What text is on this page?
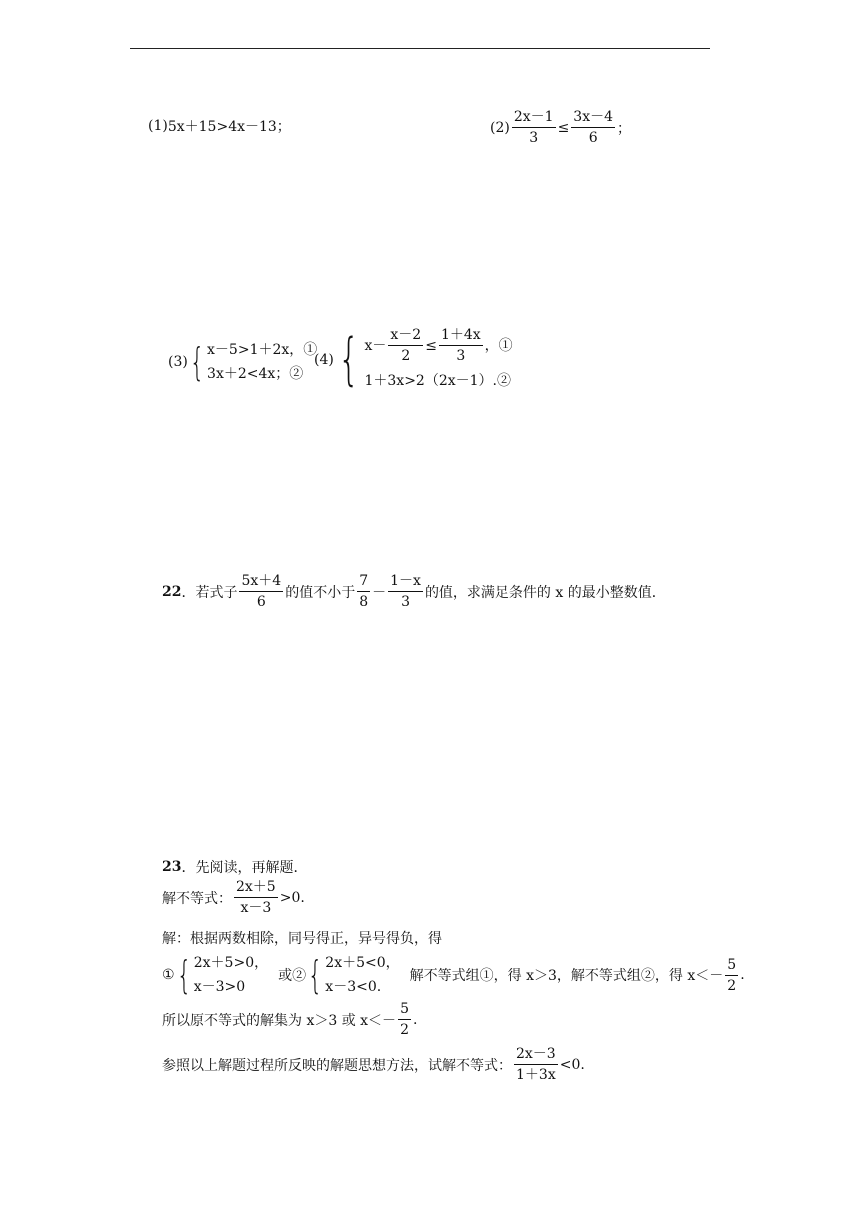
(1) 5x＋15>4x－13；	$(2) \frac{2x-1}{3} \le \frac{3x-4}{6}$ ；
(3) { x－5>1＋2x，①
3x＋2<4x；②
(4) { $x- \frac{x-2}{2} \le \frac{1+4x}{3}$ ，①
1＋3x>2（2x－1）.②
22 ．若式子 $\frac{5x+4}{6}$ 的值不小于 $\frac{7}{8} - \frac{1-x}{3}$ 的值，求满足条件的 x 的最小整数值．
23 ．先阅读，再解题．
解不等式： $\frac{2x+5}{x-3} >0$.
解：根据两数相除，同号得正，异号得负，得
① { 2x＋5>0，
x－3>0
或② { 2x＋5<0，
x－3<0.
解不等式组①，得 x＞3，解不等式组②，得 $x<- \frac{5}{2}$ .
所以原不等式的解集为 x＞3 或 $x<- \frac{5}{2}$ .
参照以上解题过程所反映的解题思想方法，试解不等式： $\frac{2x-3}{1+3x} <0$.
